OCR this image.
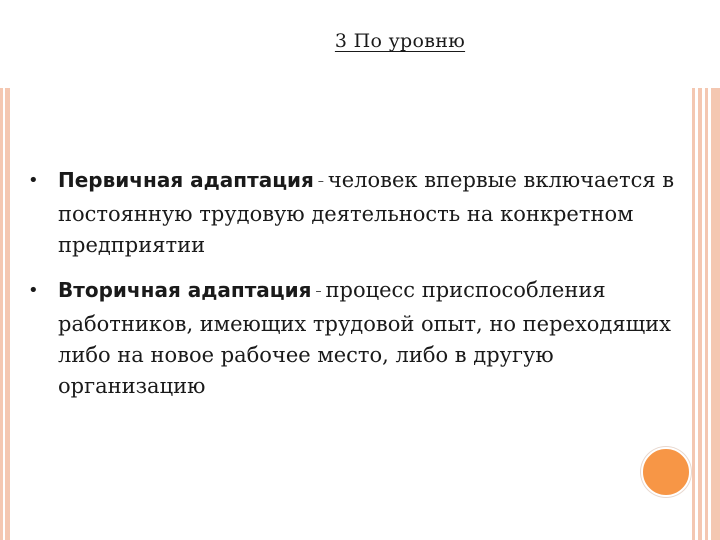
3 По уровню
• Первичная адаптация – человек впервые включается в постоянную трудовую деятельность на конкретном предприятии
• Вторичная адаптация – процесс приспособления работников, имеющих трудовой опыт, но переходящих либо на новое рабочее место, либо в другую организацию
